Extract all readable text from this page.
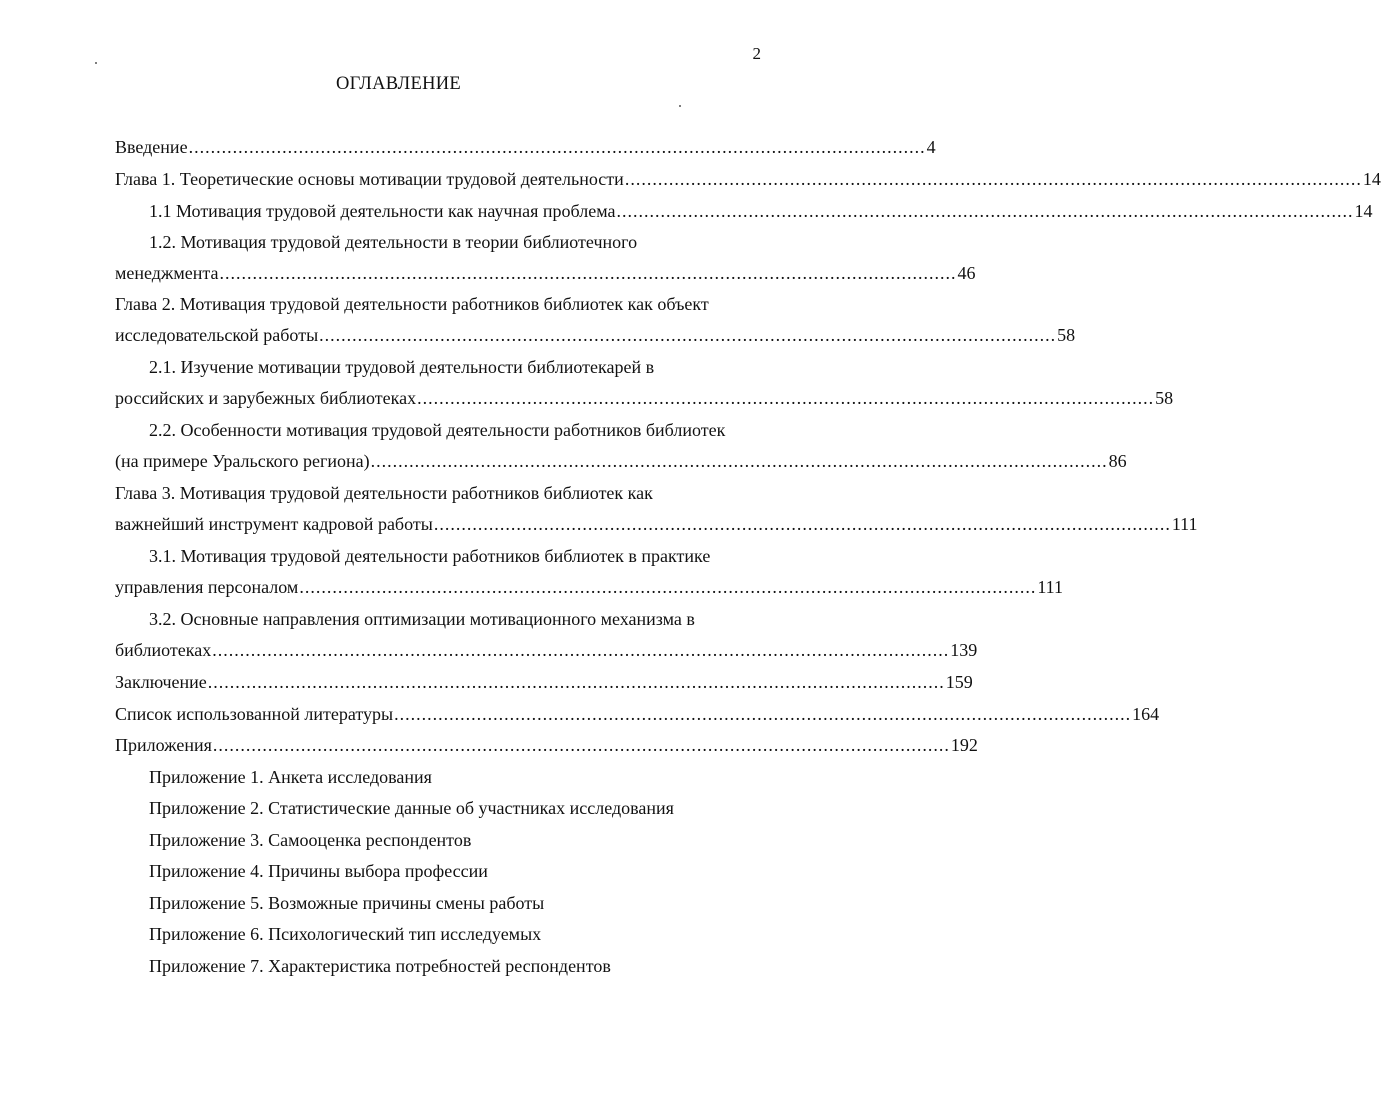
2
ОГЛАВЛЕНИЕ
Введение ...................................................................................................................................... 4
Глава 1. Теоретические основы мотивации трудовой деятельности ...................................................................................................................................... 14
1.1 Мотивация трудовой деятельности как научная проблема ...................................................................................................................................... 14
1.2. Мотивация трудовой деятельности в теории библиотечного
менеджмента ...................................................................................................................................... 46
Глава 2. Мотивация трудовой деятельности работников библиотек как объект
исследовательской работы ...................................................................................................................................... 58
2.1. Изучение мотивации трудовой деятельности библиотекарей в
российских и зарубежных библиотеках ...................................................................................................................................... 58
2.2. Особенности мотивация трудовой деятельности работников библиотек
(на примере Уральского региона) ...................................................................................................................................... 86
Глава 3. Мотивация трудовой деятельности работников библиотек как
важнейший инструмент кадровой работы ...................................................................................................................................... 111
3.1. Мотивация трудовой деятельности работников библиотек в практике
управления персоналом ...................................................................................................................................... 111
3.2. Основные направления оптимизации мотивационного механизма в
библиотеках ...................................................................................................................................... 139
Заключение ...................................................................................................................................... 159
Список использованной литературы ...................................................................................................................................... 164
Приложения ...................................................................................................................................... 192
Приложение 1. Анкета исследования
Приложение 2. Статистические данные об участниках исследования
Приложение 3. Самооценка респондентов
Приложение 4. Причины выбора профессии
Приложение 5. Возможные причины смены работы
Приложение 6. Психологический тип исследуемых
Приложение 7. Характеристика потребностей респондентов
